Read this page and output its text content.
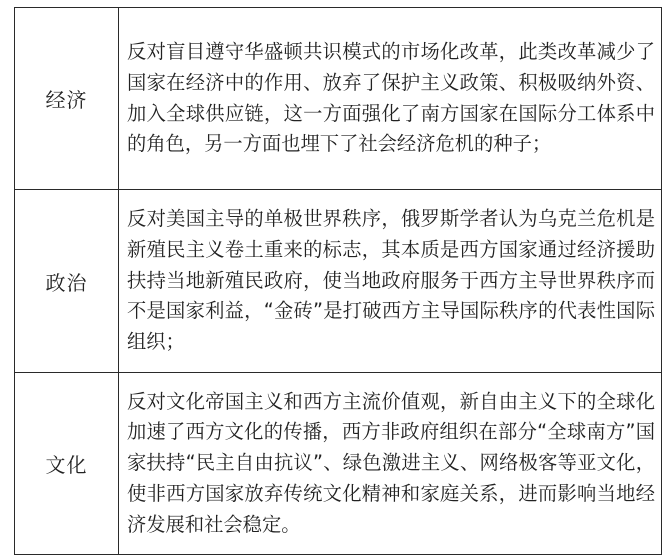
经济	反对盲目遵守华盛顿共识模式的市场化改革，此类改革减少了国家在经济中的作用、放弃了保护主义政策、积极吸纳外资、加入全球供应链，这一方面强化了南方国家在国际分工体系中的角色，另一方面也埋下了社会经济危机的种子；
政治	反对美国主导的单极世界秩序，俄罗斯学者认为乌克兰危机是新殖民主义卷土重来的标志，其本质是西方国家通过经济援助扶持当地新殖民政府，使当地政府服务于西方主导世界秩序而不是国家利益，“金砖”是打破西方主导国际秩序的代表性国际组织；
文化	反对文化帝国主义和西方主流价值观，新自由主义下的全球化加速了西方文化的传播，西方非政府组织在部分“全球南方”国家扶持“民主自由抗议”、绿色激进主义、网络极客等亚文化，使非西方国家放弃传统文化精神和家庭关系，进而影响当地经济发展和社会稳定。
